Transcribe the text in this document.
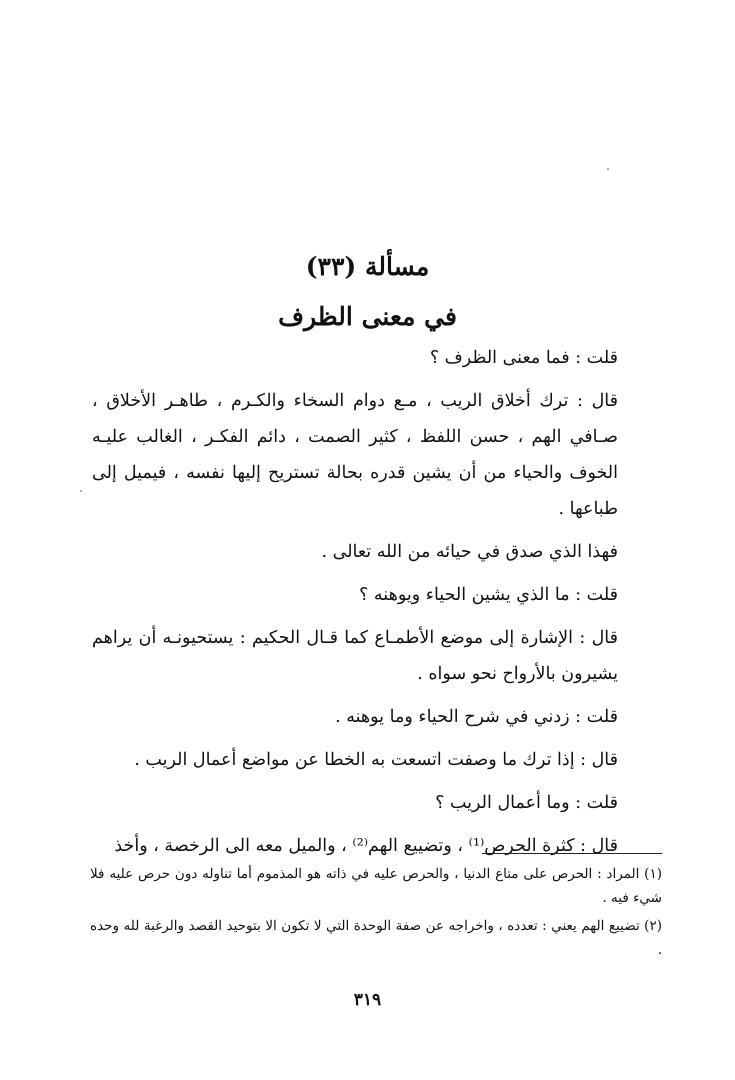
مسألة (٣٣)
في معنى الظرف

قلت : فما معنى الظرف ؟

قال : ترك أخلاق الريب ، مـع دوام السخاء والكـرم ، طاهـر الأخلاق ، صـافي الهم ، حسن اللفظ ، كثير الصمت ، دائم الفكـر ، الغالب عليـه الخوف والحياء من أن يشين قدره بحالة تستريح إليها نفسه ، فيميل إلى طباعها .

فهذا الذي صدق في حيائه من الله تعالى .

قلت : ما الذي يشين الحياء ويوهنه ؟

قال : الإشارة إلى موضع الأطمـاع كما قـال الحكيم : يستحيونـه أن يراهم يشيرون بالأرواح نحو سواه .

قلت : زدني في شرح الحياء وما يوهنه .

قال : إذا ترك ما وصفت اتسعت به الخطا عن مواضع أعمال الريب .

قلت : وما أعمال الريب ؟

قال : كثرة الحرص⁽¹⁾ ، وتضييع الهم⁽²⁾ ، والميل معه الى الرخصة ، وأخذ

(١) المراد : الحرص على متاع الدنيا ، والحرص عليه في ذاته هو المذموم أما تناوله دون حرص عليه فلا شيء فيه .

(٢) تضييع الهم يعني : تعدده ، واخراجه عن صفة الوحدة التي لا تكون الا بتوحيد القصد والرغبة لله وحده .

٣١٩
